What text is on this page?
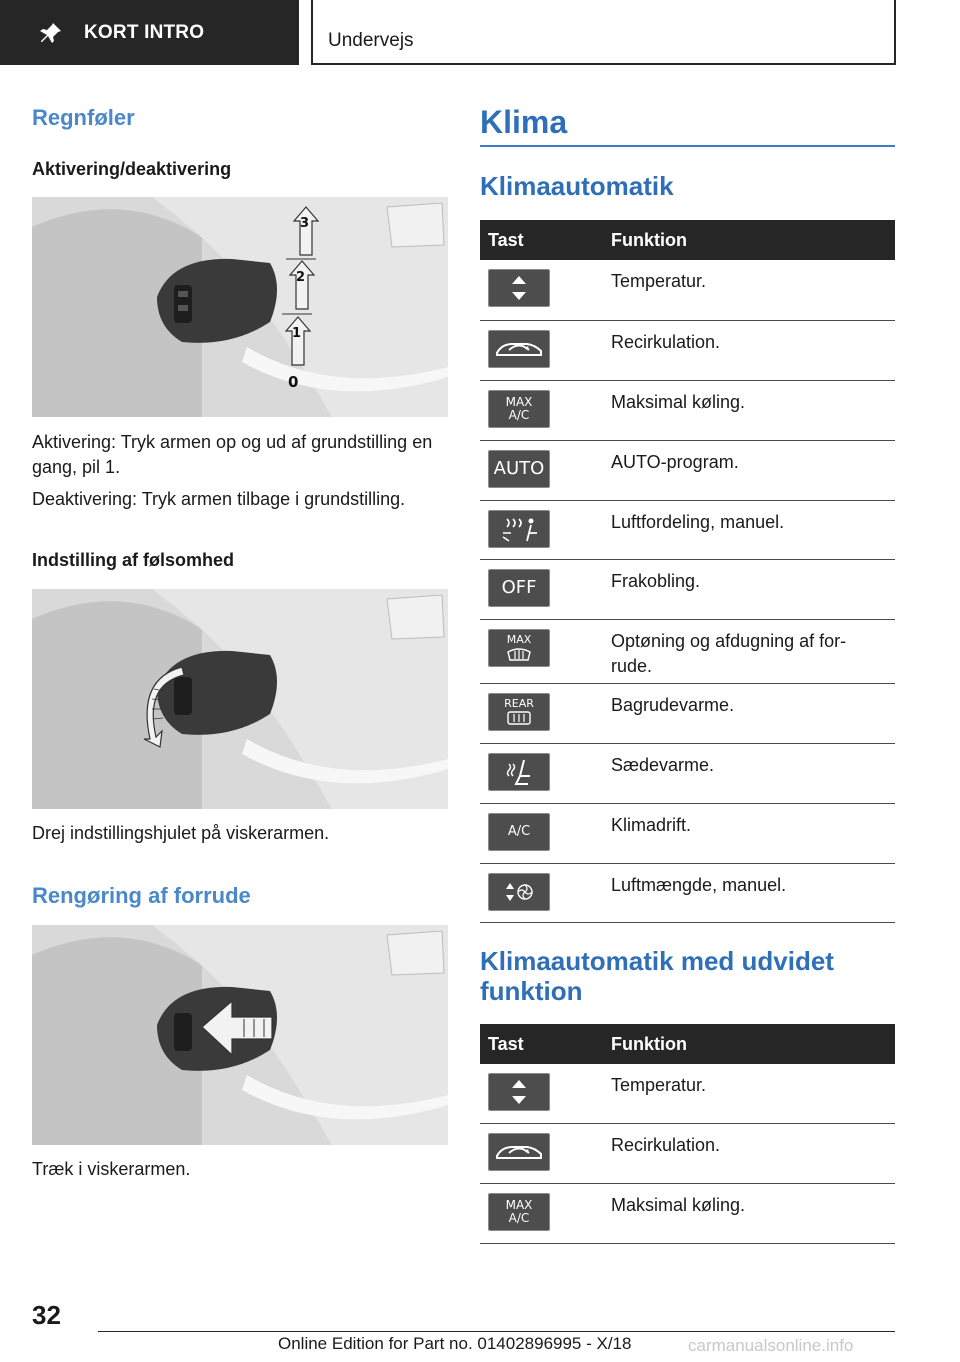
KORT INTRO	Undervejs
Regnføler
Aktivering/deaktivering
3
2
1
0
Aktivering: Tryk armen op og ud af grundstilling en gang, pil 1.
Deaktivering: Tryk armen tilbage i grundstilling.
Indstilling af følsomhed
Drej indstillingshjulet på viskerarmen.
Rengøring af forrude
Træk i viskerarmen.
Klima
Klimaautomatik
Tast	Funktion

	Temperatur.

	Recirkulation.

MAX
A/C	Maksimal køling.

AUTO	AUTO-program.

	Luftfordeling, manuel.

OFF	Frakobling.

MAX	Optøning og afdugning af for-rude.

REAR	Bagrudevarme.

	Sædevarme.

A/C	Klimadrift.

	Luftmængde, manuel.
Klimaautomatik med udvidet funktion
Tast	Funktion

	Temperatur.

	Recirkulation.

MAX
A/C	Maksimal køling.
32
Online Edition for Part no. 01402896995 - X/18	carmanualsonline.info
